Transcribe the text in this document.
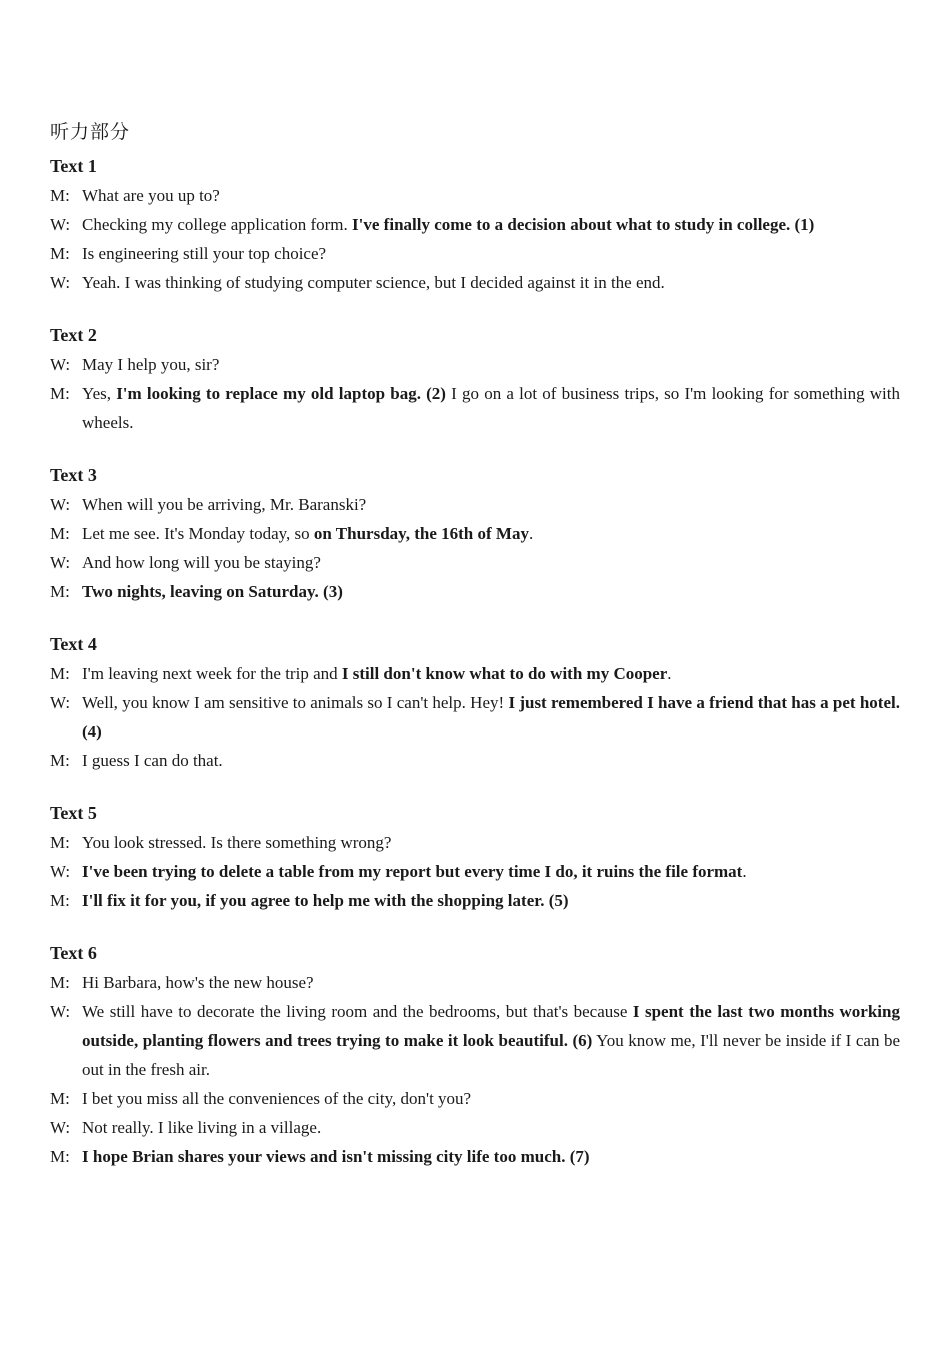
听力部分
Text 1
M: What are you up to?
W: Checking my college application form. I've finally come to a decision about what to study in college. (1)
M: Is engineering still your top choice?
W: Yeah. I was thinking of studying computer science, but I decided against it in the end.
Text 2
W: May I help you, sir?
M: Yes, I'm looking to replace my old laptop bag. (2) I go on a lot of business trips, so I'm looking for something with wheels.
Text 3
W: When will you be arriving, Mr. Baranski?
M: Let me see. It's Monday today, so on Thursday, the 16th of May.
W: And how long will you be staying?
M: Two nights, leaving on Saturday. (3)
Text 4
M: I'm leaving next week for the trip and I still don't know what to do with my Cooper.
W: Well, you know I am sensitive to animals so I can't help. Hey! I just remembered I have a friend that has a pet hotel. (4)
M: I guess I can do that.
Text 5
M: You look stressed. Is there something wrong?
W: I've been trying to delete a table from my report but every time I do, it ruins the file format.
M: I'll fix it for you, if you agree to help me with the shopping later. (5)
Text 6
M: Hi Barbara, how's the new house?
W: We still have to decorate the living room and the bedrooms, but that's because I spent the last two months working outside, planting flowers and trees trying to make it look beautiful. (6) You know me, I'll never be inside if I can be out in the fresh air.
M: I bet you miss all the conveniences of the city, don't you?
W: Not really. I like living in a village.
M: I hope Brian shares your views and isn't missing city life too much. (7)
